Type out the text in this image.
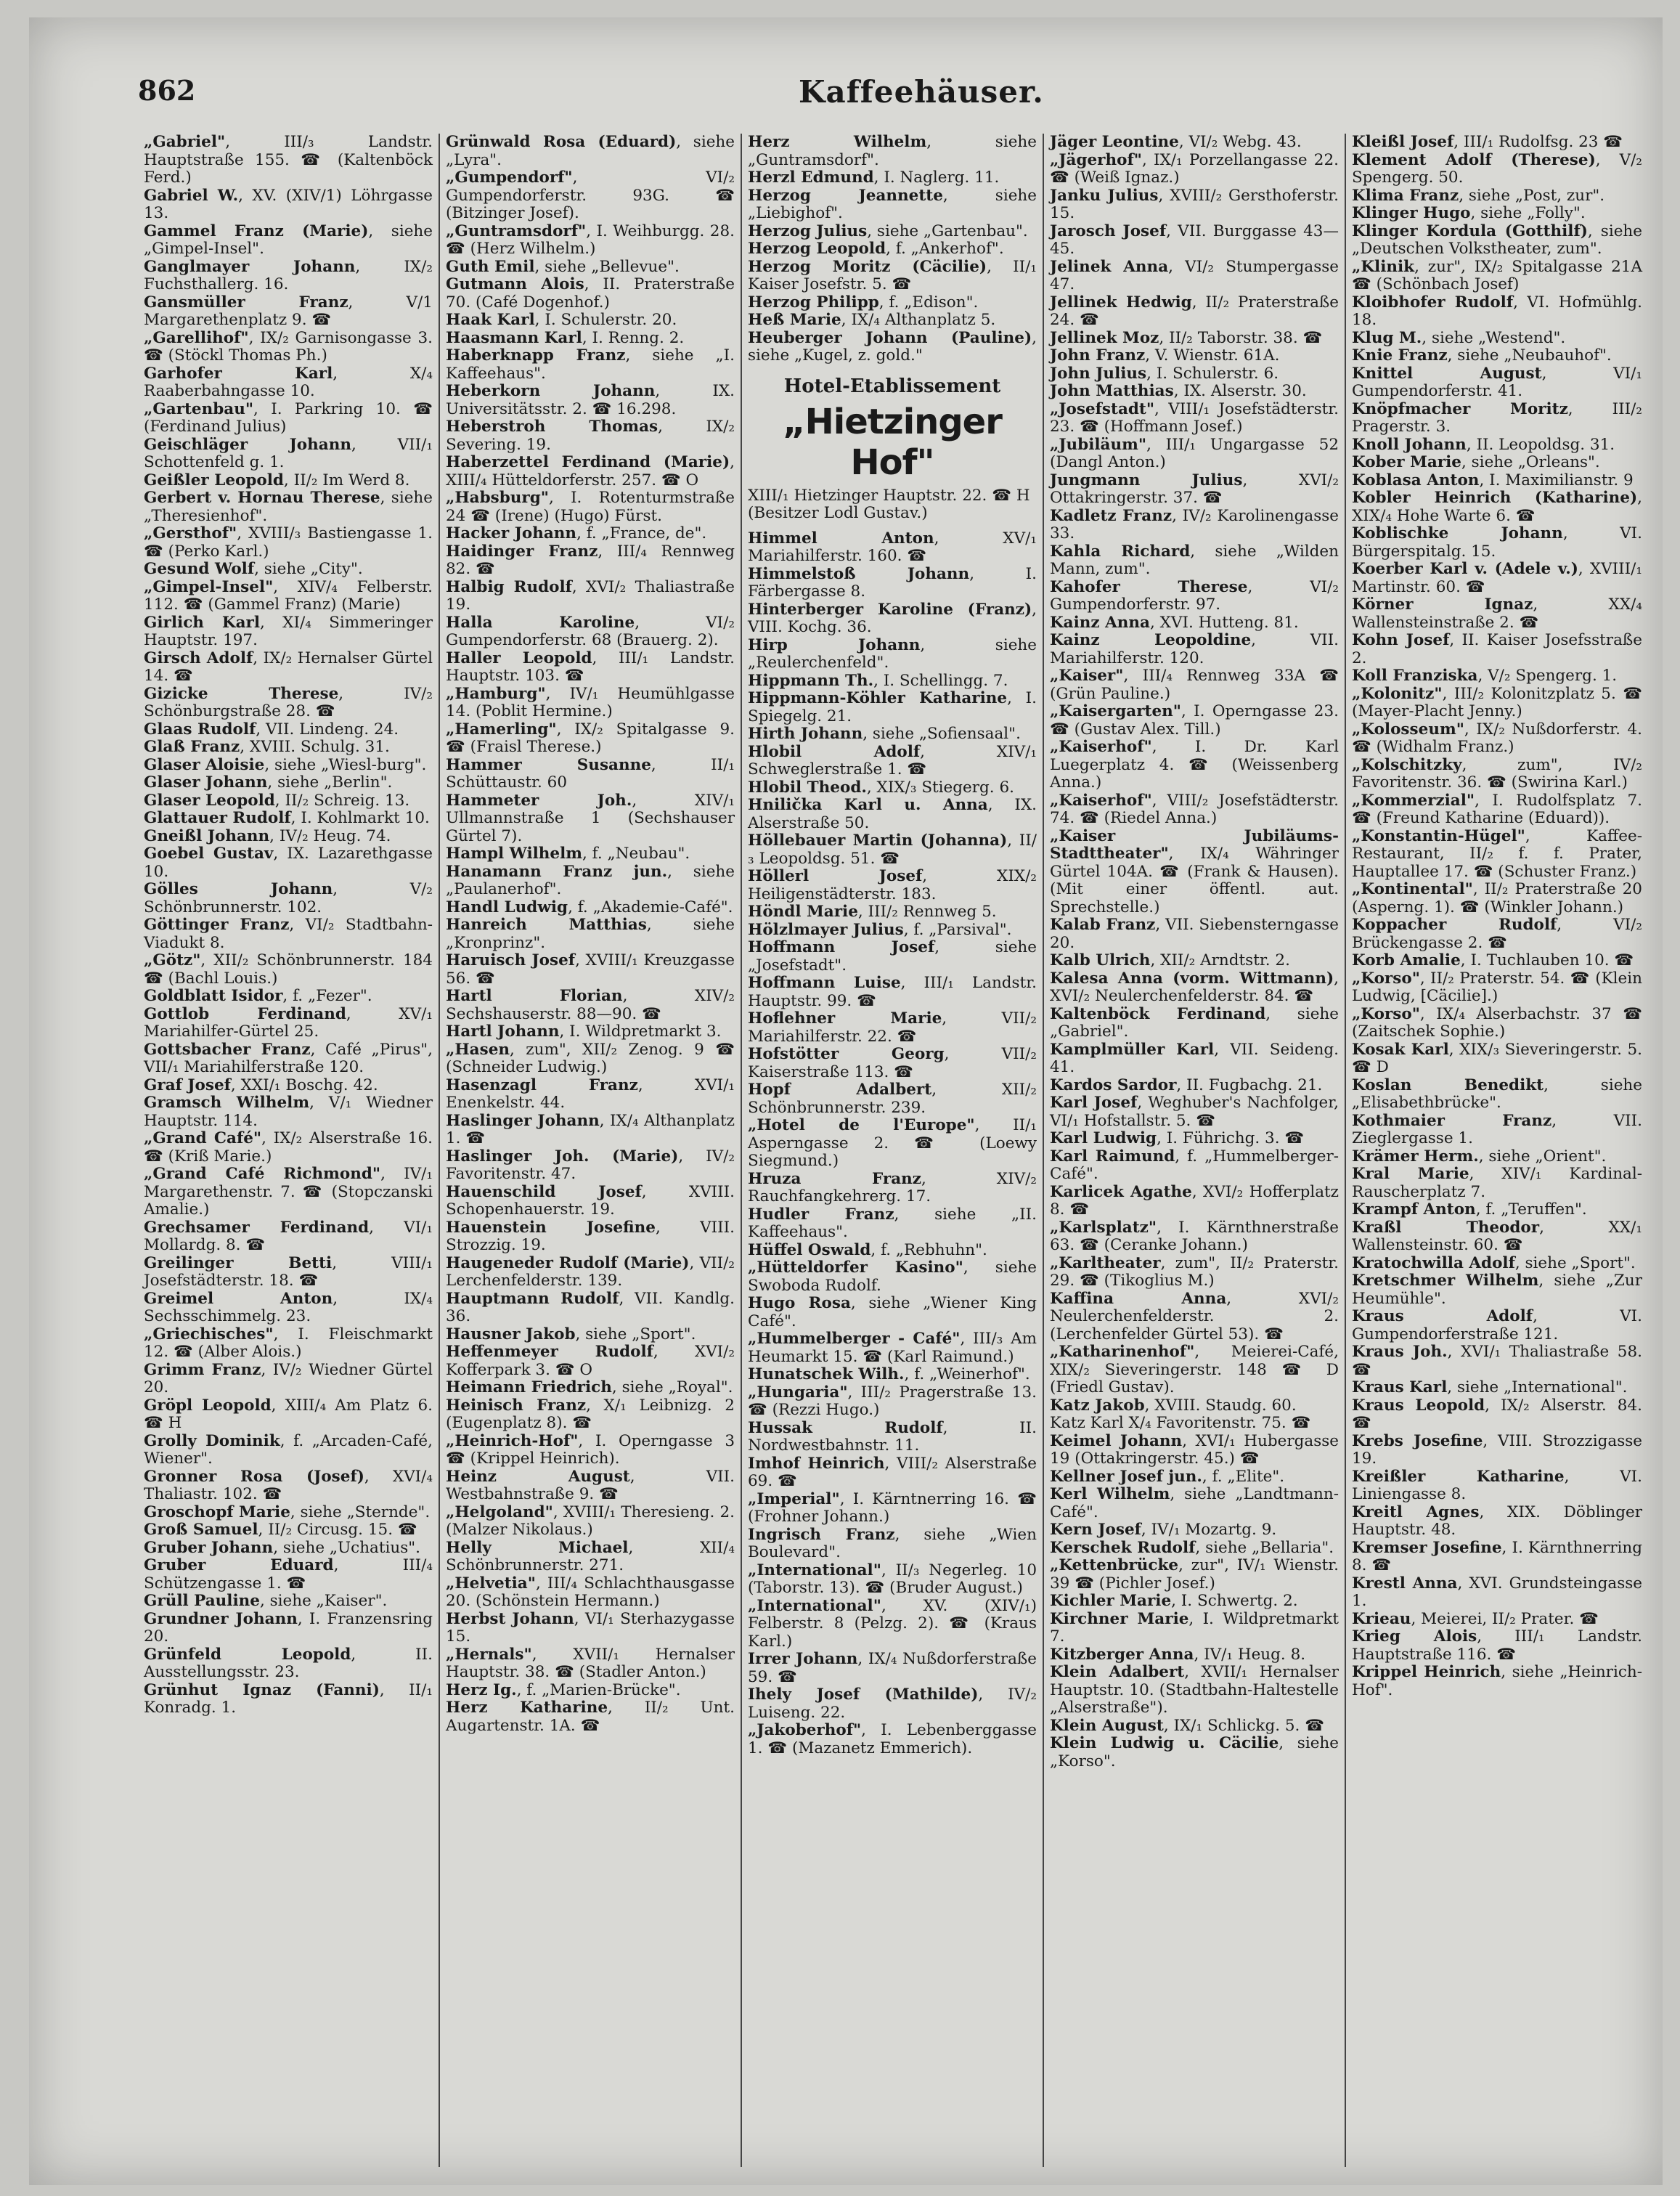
862	Kaffeehäuser.
„Gabriel", III/₃ Landstr. Hauptstraße 155. ☎ (Kaltenböck Ferd.)
Gabriel W., XV. (XIV/1) Löhrgasse 13.
Gammel Franz (Marie), siehe „Gimpel-Insel".
Ganglmayer Johann, IX/₂ Fuchsthallerg. 16.
Gansmüller Franz, V/1 Margarethenplatz 9. ☎
„Garellihof", IX/₂ Garnisongasse 3. ☎ (Stöckl Thomas Ph.)
Garhofer Karl, X/₄ Raaberbahngasse 10.
„Gartenbau", I. Parkring 10. ☎ (Ferdinand Julius)
Geischläger Johann, VII/₁ Schottenfeld g. 1.
Geißler Leopold, II/₂ Im Werd 8.
Gerbert v. Hornau Therese, siehe „Theresienhof".
„Gersthof", XVIII/₃ Bastiengasse 1. ☎ (Perko Karl.)
Gesund Wolf, siehe „City".
„Gimpel-Insel", XIV/₄ Felberstr. 112. ☎ (Gammel Franz) (Marie)
Girlich Karl, XI/₄ Simmeringer Hauptstr. 197.
Girsch Adolf, IX/₂ Hernalser Gürtel 14. ☎
Gizicke Therese, IV/₂ Schönburgstraße 28. ☎
Glaas Rudolf, VII. Lindeng. 24.
Glaß Franz, XVIII. Schulg. 31.
Glaser Aloisie, siehe „Wiesl-burg".
Glaser Johann, siehe „Berlin".
Glaser Leopold, II/₂ Schreig. 13.
Glattauer Rudolf, I. Kohlmarkt 10.
Gneißl Johann, IV/₂ Heug. 74.
Goebel Gustav, IX. Lazarethgasse 10.
Gölles Johann, V/₂ Schönbrunnerstr. 102.
Göttinger Franz, VI/₂ Stadtbahn-Viadukt 8.
„Götz", XII/₂ Schönbrunnerstr. 184 ☎ (Bachl Louis.)
Goldblatt Isidor, f. „Fezer".
Gottlob Ferdinand, XV/₁ Mariahilfer-Gürtel 25.
Gottsbacher Franz, Café „Pirus", VII/₁ Mariahilferstraße 120.
Graf Josef, XXI/₁ Boschg. 42.
Gramsch Wilhelm, V/₁ Wiedner Hauptstr. 114.
„Grand Café", IX/₂ Alserstraße 16. ☎ (Kriß Marie.)
„Grand Café Richmond", IV/₁ Margarethenstr. 7. ☎ (Stopczanski Amalie.)
Grechsamer Ferdinand, VI/₁ Mollardg. 8. ☎
Greilinger Betti, VIII/₁ Josefstädterstr. 18. ☎
Greimel Anton, IX/₄ Sechsschimmelg. 23.
„Griechisches", I. Fleischmarkt 12. ☎ (Alber Alois.)
Grimm Franz, IV/₂ Wiedner Gürtel 20.
Gröpl Leopold, XIII/₄ Am Platz 6. ☎ H
Grolly Dominik, f. „Arcaden-Café, Wiener".
Gronner Rosa (Josef), XVI/₄ Thaliastr. 102. ☎
Groschopf Marie, siehe „Sternde".
Groß Samuel, II/₂ Circusg. 15. ☎
Gruber Johann, siehe „Uchatius".
Gruber Eduard, III/₄ Schützengasse 1. ☎
Grüll Pauline, siehe „Kaiser".
Grundner Johann, I. Franzensring 20.
Grünfeld Leopold, II. Ausstellungsstr. 23.
Grünhut Ignaz (Fanni), II/₁ Konradg. 1.
Grünwald Rosa (Eduard), siehe „Lyra".
„Gumpendorf", VI/₂ Gumpendorferstr. 93G. ☎ (Bitzinger Josef).
„Guntramsdorf", I. Weihburgg. 28. ☎ (Herz Wilhelm.)
Guth Emil, siehe „Bellevue".
Gutmann Alois, II. Praterstraße 70. (Café Dogenhof.)
Haak Karl, I. Schulerstr. 20.
Haasmann Karl, I. Renng. 2.
Haberknapp Franz, siehe „I. Kaffeehaus".
Heberkorn Johann, IX. Universitätsstr. 2. ☎ 16.298.
Heberstroh Thomas, IX/₂ Severing. 19.
Haberzettel Ferdinand (Marie), XIII/₄ Hütteldorferstr. 257. ☎ O
„Habsburg", I. Rotenturmstraße 24 ☎ (Irene) (Hugo) Fürst.
Hacker Johann, f. „France, de".
Haidinger Franz, III/₄ Rennweg 82. ☎
Halbig Rudolf, XVI/₂ Thaliastraße 19.
Halla Karoline, VI/₂ Gumpendorferstr. 68 (Brauerg. 2).
Haller Leopold, III/₁ Landstr. Hauptstr. 103. ☎
„Hamburg", IV/₁ Heumühlgasse 14. (Poblit Hermine.)
„Hamerling", IX/₂ Spitalgasse 9. ☎ (Fraisl Therese.)
Hammer Susanne, II/₁ Schüttaustr. 60
Hammeter Joh., XIV/₁ Ullmannstraße 1 (Sechshauser Gürtel 7).
Hampl Wilhelm, f. „Neubau".
Hanamann Franz jun., siehe „Paulanerhof".
Handl Ludwig, f. „Akademie-Café".
Hanreich Matthias, siehe „Kronprinz".
Haruisch Josef, XVIII/₁ Kreuzgasse 56. ☎
Hartl Florian, XIV/₂ Sechshauserstr. 88—90. ☎
Hartl Johann, I. Wildpretmarkt 3.
„Hasen, zum", XII/₂ Zenog. 9 ☎ (Schneider Ludwig.)
Hasenzagl Franz, XVI/₁ Enenkelstr. 44.
Haslinger Johann, IX/₄ Althanplatz 1. ☎
Haslinger Joh. (Marie), IV/₂ Favoritenstr. 47.
Hauenschild Josef, XVIII. Schopenhauerstr. 19.
Hauenstein Josefine, VIII. Strozzig. 19.
Haugeneder Rudolf (Marie), VII/₂ Lerchenfelderstr. 139.
Hauptmann Rudolf, VII. Kandlg. 36.
Hausner Jakob, siehe „Sport".
Heffenmeyer Rudolf, XVI/₂ Kofferpark 3. ☎ O
Heimann Friedrich, siehe „Royal".
Heinisch Franz, X/₁ Leibnizg. 2 (Eugenplatz 8). ☎
„Heinrich-Hof", I. Operngasse 3 ☎ (Krippel Heinrich).
Heinz August, VII. Westbahnstraße 9. ☎
„Helgoland", XVIII/₁ Theresieng. 2. (Malzer Nikolaus.)
Helly Michael, XII/₄ Schönbrunnerstr. 271.
„Helvetia", III/₄ Schlachthausgasse 20. (Schönstein Hermann.)
Herbst Johann, VI/₁ Sterhazygasse 15.
„Hernals", XVII/₁ Hernalser Hauptstr. 38. ☎ (Stadler Anton.)
Herz Ig., f. „Marien-Brücke".
Herz Katharine, II/₂ Unt. Augartenstr. 1A. ☎
Herz Wilhelm, siehe „Guntramsdorf".
Herzl Edmund, I. Naglerg. 11.
Herzog Jeannette, siehe „Liebighof".
Herzog Julius, siehe „Gartenbau".
Herzog Leopold, f. „Ankerhof".
Herzog Moritz (Cäcilie), II/₁ Kaiser Josefstr. 5. ☎
Herzog Philipp, f. „Edison".
Heß Marie, IX/₄ Althanplatz 5.
Heuberger Johann (Pauline), siehe „Kugel, z. gold."
Hotel-Etablissement
„Hietzinger Hof"
XIII/₁ Hietzinger Hauptstr. 22. ☎ H
(Besitzer Lodl Gustav.)
Himmel Anton, XV/₁ Mariahilferstr. 160. ☎
Himmelstoß Johann, I. Färbergasse 8.
Hinterberger Karoline (Franz), VIII. Kochg. 36.
Hirp Johann, siehe „Reulerchenfeld".
Hippmann Th., I. Schellingg. 7.
Hippmann-Köhler Katharine, I. Spiegelg. 21.
Hirth Johann, siehe „Sofiensaal".
Hlobil Adolf, XIV/₁ Schweglerstraße 1. ☎
Hlobil Theod., XIX/₃ Stiegerg. 6.
Hnilička Karl u. Anna, IX. Alserstraße 50.
Höllebauer Martin (Johanna), II/₃ Leopoldsg. 51. ☎
Höllerl Josef, XIX/₂ Heiligenstädterstr. 183.
Höndl Marie, III/₂ Rennweg 5.
Hölzlmayer Julius, f. „Parsival".
Hoffmann Josef, siehe „Josefstadt".
Hoffmann Luise, III/₁ Landstr. Hauptstr. 99. ☎
Hoflehner Marie, VII/₂ Mariahilferstr. 22. ☎
Hofstötter Georg, VII/₂ Kaiserstraße 113. ☎
Hopf Adalbert, XII/₂ Schönbrunnerstr. 239.
„Hotel de l'Europe", II/₁ Asperngasse 2. ☎ (Loewy Siegmund.)
Hruza Franz, XIV/₂ Rauchfangkehrerg. 17.
Hudler Franz, siehe „II. Kaffeehaus".
Hüffel Oswald, f. „Rebhuhn".
„Hütteldorfer Kasino", siehe Swoboda Rudolf.
Hugo Rosa, siehe „Wiener King Café".
„Hummelberger - Café", III/₃ Am Heumarkt 15. ☎ (Karl Raimund.)
Hunatschek Wilh., f. „Weinerhof".
„Hungaria", III/₂ Pragerstraße 13. ☎ (Rezzi Hugo.)
Hussak Rudolf, II. Nordwestbahnstr. 11.
Imhof Heinrich, VIII/₂ Alserstraße 69. ☎
„Imperial", I. Kärntnerring 16. ☎ (Frohner Johann.)
Ingrisch Franz, siehe „Wien Boulevard".
„International", II/₃ Negerleg. 10 (Taborstr. 13). ☎ (Bruder August.)
„International", XV. (XIV/₁) Felberstr. 8 (Pelzg. 2). ☎ (Kraus Karl.)
Irrer Johann, IX/₄ Nußdorferstraße 59. ☎
Ihely Josef (Mathilde), IV/₂ Luiseng. 22.
„Jakoberhof", I. Lebenberggasse 1. ☎ (Mazanetz Emmerich).
Jäger Leontine, VI/₂ Webg. 43.
„Jägerhof", IX/₁ Porzellangasse 22. ☎ (Weiß Ignaz.)
Janku Julius, XVIII/₂ Gersthoferstr. 15.
Jarosch Josef, VII. Burggasse 43—45.
Jelinek Anna, VI/₂ Stumpergasse 47.
Jellinek Hedwig, II/₂ Praterstraße 24. ☎
Jellinek Moz, II/₂ Taborstr. 38. ☎
John Franz, V. Wienstr. 61A.
John Julius, I. Schulerstr. 6.
John Matthias, IX. Alserstr. 30.
„Josefstadt", VIII/₁ Josefstädterstr. 23. ☎ (Hoffmann Josef.)
„Jubiläum", III/₁ Ungargasse 52 (Dangl Anton.)
Jungmann Julius, XVI/₂ Ottakringerstr. 37. ☎
Kadletz Franz, IV/₂ Karolinengasse 33.
Kahla Richard, siehe „Wilden Mann, zum".
Kahofer Therese, VI/₂ Gumpendorferstr. 97.
Kainz Anna, XVI. Hutteng. 81.
Kainz Leopoldine, VII. Mariahilferstr. 120.
„Kaiser", III/₄ Rennweg 33A ☎ (Grün Pauline.)
„Kaisergarten", I. Operngasse 23. ☎ (Gustav Alex. Till.)
„Kaiserhof", I. Dr. Karl Luegerplatz 4. ☎ (Weissenberg Anna.)
„Kaiserhof", VIII/₂ Josefstädterstr. 74. ☎ (Riedel Anna.)
„Kaiser Jubiläums-Stadttheater", IX/₄ Währinger Gürtel 104A. ☎ (Frank & Hausen). (Mit einer öffentl. aut. Sprechstelle.)
Kalab Franz, VII. Siebensterngasse 20.
Kalb Ulrich, XII/₂ Arndtstr. 2.
Kalesa Anna (vorm. Wittmann), XVI/₂ Neulerchenfelderstr. 84. ☎
Kaltenböck Ferdinand, siehe „Gabriel".
Kamplmüller Karl, VII. Seideng. 41.
Kardos Sardor, II. Fugbachg. 21.
Karl Josef, Weghuber's Nachfolger, VI/₁ Hofstallstr. 5. ☎
Karl Ludwig, I. Führichg. 3. ☎
Karl Raimund, f. „Hummelberger-Café".
Karlicek Agathe, XVI/₂ Hofferplatz 8. ☎
„Karlsplatz", I. Kärnthnerstraße 63. ☎ (Ceranke Johann.)
„Karltheater, zum", II/₂ Praterstr. 29. ☎ (Tikoglius M.)
Kaffina Anna, XVI/₂ Neulerchenfelderstr. 2. (Lerchenfelder Gürtel 53). ☎
„Katharinenhof", Meierei-Café, XIX/₂ Sieveringerstr. 148 ☎ D (Friedl Gustav).
Katz Jakob, XVIII. Staudg. 60.
Katz Karl X/₄ Favoritenstr. 75. ☎
Keimel Johann, XVI/₁ Hubergasse 19 (Ottakringerstr. 45.) ☎
Kellner Josef jun., f. „Elite".
Kerl Wilhelm, siehe „Landtmann-Café".
Kern Josef, IV/₁ Mozartg. 9.
Kerschek Rudolf, siehe „Bellaria".
„Kettenbrücke, zur", IV/₁ Wienstr. 39 ☎ (Pichler Josef.)
Kichler Marie, I. Schwertg. 2.
Kirchner Marie, I. Wildpretmarkt 7.
Kitzberger Anna, IV/₁ Heug. 8.
Klein Adalbert, XVII/₁ Hernalser Hauptstr. 10. (Stadtbahn-Haltestelle „Alserstraße").
Klein August, IX/₁ Schlickg. 5. ☎
Klein Ludwig u. Cäcilie, siehe „Korso".
Kleißl Josef, III/₁ Rudolfsg. 23 ☎
Klement Adolf (Therese), V/₂ Spengerg. 50.
Klima Franz, siehe „Post, zur".
Klinger Hugo, siehe „Folly".
Klinger Kordula (Gotthilf), siehe „Deutschen Volkstheater, zum".
„Klinik, zur", IX/₂ Spitalgasse 21A ☎ (Schönbach Josef)
Kloibhofer Rudolf, VI. Hofmühlg. 18.
Klug M., siehe „Westend".
Knie Franz, siehe „Neubauhof".
Knittel August, VI/₁ Gumpendorferstr. 41.
Knöpfmacher Moritz, III/₂ Pragerstr. 3.
Knoll Johann, II. Leopoldsg. 31.
Kober Marie, siehe „Orleans".
Koblasa Anton, I. Maximilianstr. 9
Kobler Heinrich (Katharine), XIX/₄ Hohe Warte 6. ☎
Koblischke Johann, VI. Bürgerspitalg. 15.
Koerber Karl v. (Adele v.), XVIII/₁ Martinstr. 60. ☎
Körner Ignaz, XX/₄ Wallensteinstraße 2. ☎
Kohn Josef, II. Kaiser Josefsstraße 2.
Koll Franziska, V/₂ Spengerg. 1.
„Kolonitz", III/₂ Kolonitzplatz 5. ☎ (Mayer-Placht Jenny.)
„Kolosseum", IX/₂ Nußdorferstr. 4. ☎ (Widhalm Franz.)
„Kolschitzky, zum", IV/₂ Favoritenstr. 36. ☎ (Swirina Karl.)
„Kommerzial", I. Rudolfsplatz 7. ☎ (Freund Katharine (Eduard)).
„Konstantin-Hügel", Kaffee-Restaurant, II/₂ f. f. Prater, Hauptallee 17. ☎ (Schuster Franz.)
„Kontinental", II/₂ Praterstraße 20 (Asperng. 1). ☎ (Winkler Johann.)
Koppacher Rudolf, VI/₂ Brückengasse 2. ☎
Korb Amalie, I. Tuchlauben 10. ☎
„Korso", II/₂ Praterstr. 54. ☎ (Klein Ludwig, [Cäcilie].)
„Korso", IX/₄ Alserbachstr. 37 ☎ (Zaitschek Sophie.)
Kosak Karl, XIX/₃ Sieveringerstr. 5. ☎ D
Koslan Benedikt, siehe „Elisabethbrücke".
Kothmaier Franz, VII. Zieglergasse 1.
Krämer Herm., siehe „Orient".
Kral Marie, XIV/₁ Kardinal-Rauscherplatz 7.
Krampf Anton, f. „Teruffen".
Kraßl Theodor, XX/₁ Wallensteinstr. 60. ☎
Kratochwilla Adolf, siehe „Sport".
Kretschmer Wilhelm, siehe „Zur Heumühle".
Kraus Adolf, VI. Gumpendorferstraße 121.
Kraus Joh., XVI/₁ Thaliastraße 58. ☎
Kraus Karl, siehe „International".
Kraus Leopold, IX/₂ Alserstr. 84. ☎
Krebs Josefine, VIII. Strozzigasse 19.
Kreißler Katharine, VI. Liniengasse 8.
Kreitl Agnes, XIX. Döblinger Hauptstr. 48.
Kremser Josefine, I. Kärnthnerring 8. ☎
Krestl Anna, XVI. Grundsteingasse 1.
Krieau, Meierei, II/₂ Prater. ☎
Krieg Alois, III/₁ Landstr. Hauptstraße 116. ☎
Krippel Heinrich, siehe „Heinrich-Hof".
